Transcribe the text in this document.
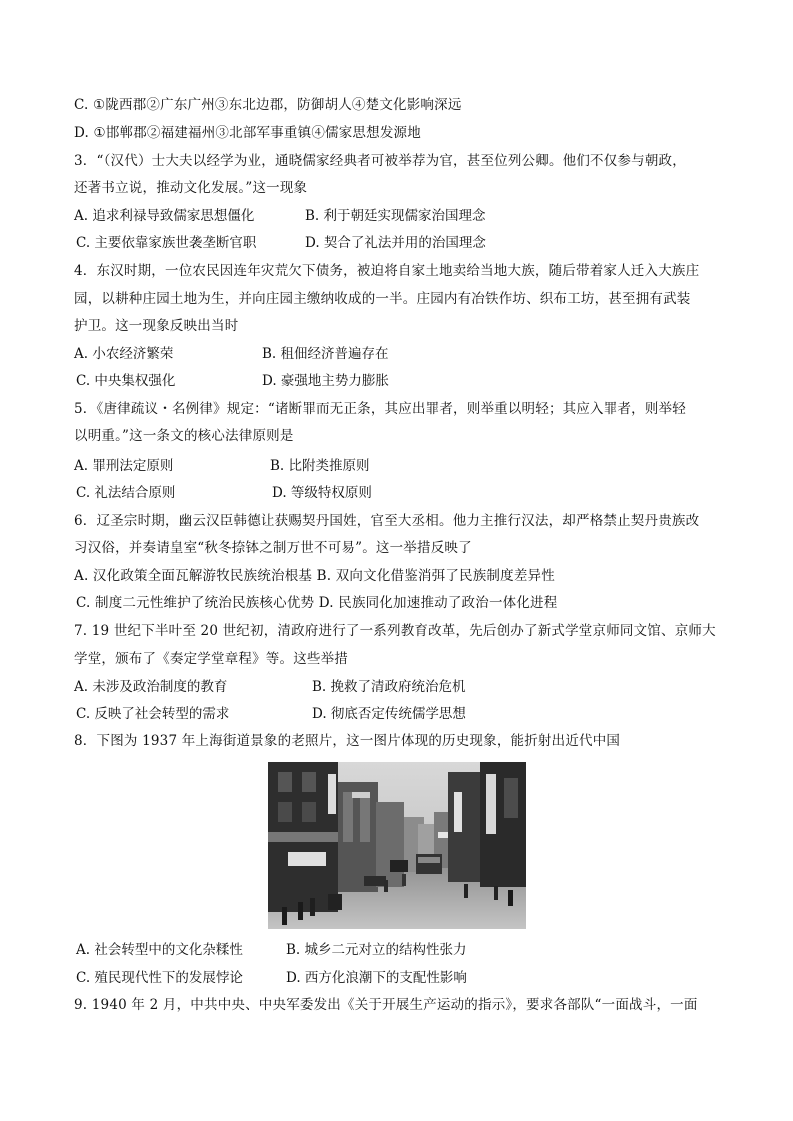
C. ①陇西郡②广东广州③东北边郡，防御胡人④楚文化影响深远
D. ①邯郸郡②福建福州③北部军事重镇④儒家思想发源地
3．“（汉代）士大夫以经学为业，通晓儒家经典者可被举荐为官，甚至位列公卿。他们不仅参与朝政，
还著书立说，推动文化发展。”这一现象
A. 追求利禄导致儒家思想僵化	B. 利于朝廷实现儒家治国理念
C. 主要依靠家族世袭垄断官职	D. 契合了礼法并用的治国理念
4．东汉时期，一位农民因连年灾荒欠下债务，被迫将自家土地卖给当地大族，随后带着家人迁入大族庄
园，以耕种庄园土地为生，并向庄园主缴纳收成的一半。庄园内有冶铁作坊、织布工坊，甚至拥有武装
护卫。这一现象反映出当时
A. 小农经济繁荣	B. 租佃经济普遍存在
C. 中央集权强化	D. 豪强地主势力膨胀
5．《唐律疏议・名例律》规定：“诸断罪而无正条，其应出罪者，则举重以明轻；其应入罪者，则举轻
以明重。”这一条文的核心法律原则是
A. 罪刑法定原则	B. 比附类推原则
C. 礼法结合原则	D. 等级特权原则
6．辽圣宗时期，幽云汉臣韩德让获赐契丹国姓，官至大丞相。他力主推行汉法，却严格禁止契丹贵族改
习汉俗，并奏请皇室“秋冬捺钵之制万世不可易”。这一举措反映了
A. 汉化政策全面瓦解游牧民族统治根基 B. 双向文化借鉴消弭了民族制度差异性
C. 制度二元性维护了统治民族核心优势 D. 民族同化加速推动了政治一体化进程
7. 19 世纪下半叶至 20 世纪初，清政府进行了一系列教育改革，先后创办了新式学堂京师同文馆、京师大
学堂，颁布了《奏定学堂章程》等。这些举措
A. 未涉及政治制度的教育	B. 挽救了清政府统治危机
C. 反映了社会转型的需求	D. 彻底否定传统儒学思想
8．下图为 1937 年上海街道景象的老照片，这一图片体现的历史现象，能折射出近代中国
A. 社会转型中的文化杂糅性	B. 城乡二元对立的结构性张力
C. 殖民现代性下的发展悖论	D. 西方化浪潮下的支配性影响
9. 1940 年 2 月，中共中央、中央军委发出《关于开展生产运动的指示》，要求各部队“一面战斗，一面
